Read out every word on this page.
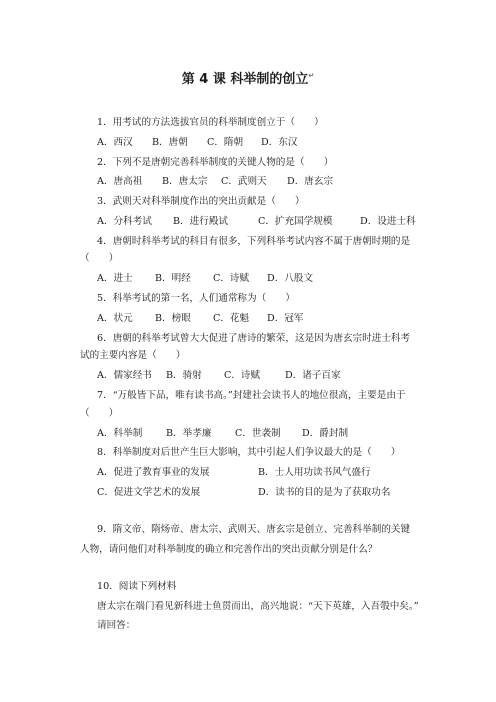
第 4 课 科举制的创立↵
1．用考试的方法选拔官员的科举制度创立于（　　）
A．西汉 B．唐朝 C．隋朝 D．东汉
2．下列不是唐朝完善科举制度的关键人物的是（　　）
A．唐高祖 B．唐太宗 C．武则天 D．唐玄宗
3．武则天对科举制度作出的突出贡献是（　　）
A．分科考试 B．进行殿试	C．扩充国学规模	D．设进士科
4．唐朝时科举考试的科目有很多，下列科举考试内容不属于唐朝时期的是
（　　）
A．进士 B．明经 C．诗赋 D．八股文
5．科举考试的第一名，人们通常称为（　　）
A．状元 B．榜眼 C．花魁 D．冠军
6．唐朝的科举考试曾大大促进了唐诗的繁荣，这是因为唐玄宗时进士科考
试的主要内容是（　　）
A．儒家经书 B．骑射 C．诗赋	D．诸子百家
7．“万般皆下品，唯有读书高。”封建社会读书人的地位很高，主要是由于
（　　）
A．科举制 B．举孝廉 C．世袭制 D．爵封制
8．科举制度对后世产生巨大影响，其中引起人们争议最大的是（　　）
A．促进了教育事业的发展	B．士人用功读书风气盛行
C．促进文学艺术的发展	D．读书的目的是为了获取功名
9．隋文帝、隋炀帝、唐太宗、武则天、唐玄宗是创立、完善科举制的关键
人物，请问他们对科举制度的确立和完善作出的突出贡献分别是什么？
10．阅读下列材料
唐太宗在端门看见新科进士鱼贯而出，高兴地说：“天下英雄，入吾彀中矣。”
请回答：
